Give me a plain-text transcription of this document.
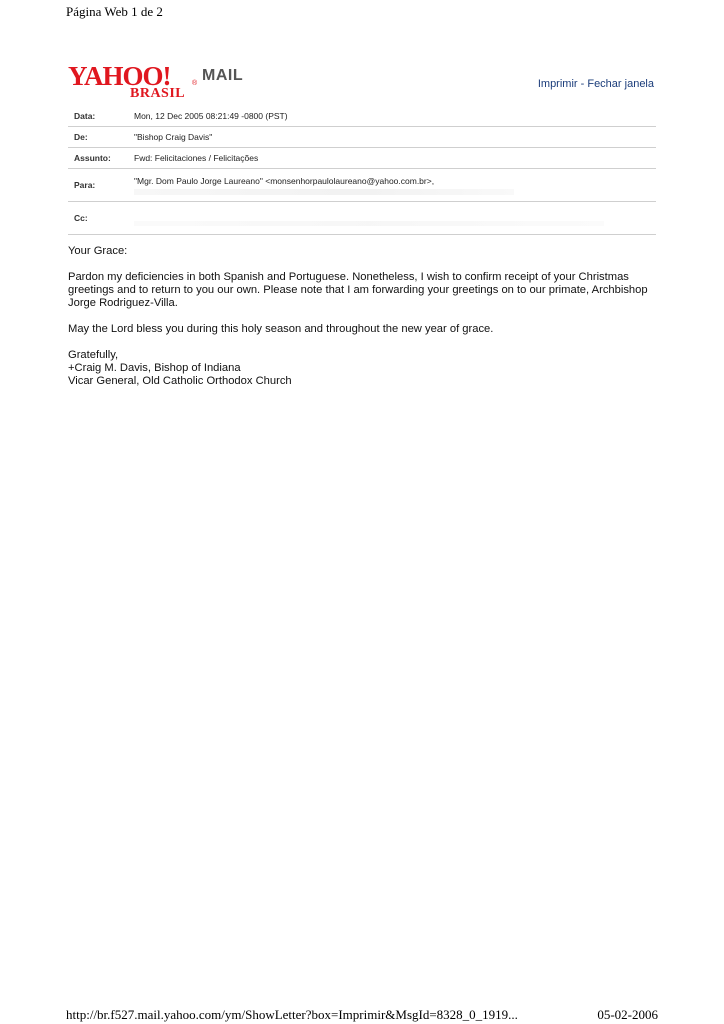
Página Web 1 de 2
YAHOO!	® MAIL
BRASIL
Imprimir - Fechar janela
Data:	Mon, 12 Dec 2005 08:21:49 -0800 (PST)
De:	"Bishop Craig Davis"
Assunto:	Fwd: Felicitaciones / Felicitações
Para:	"Mgr. Dom Paulo Jorge Laureano" <monsenhorpaulolaureano@yahoo.com.br>,

Cc:	

Your Grace:

Pardon my deficiencies in both Spanish and Portuguese. Nonetheless, I wish to confirm receipt of your Christmas greetings and to return to you our own. Please note that I am forwarding your greetings on to our primate, Archbishop Jorge Rodriguez-Villa.

May the Lord bless you during this holy season and throughout the new year of grace.

Gratefully,
+Craig M. Davis, Bishop of Indiana
Vicar General, Old Catholic Orthodox Church

http://br.f527.mail.yahoo.com/ym/ShowLetter?box=Imprimir&MsgId=8328_0_1919...	05-02-2006
